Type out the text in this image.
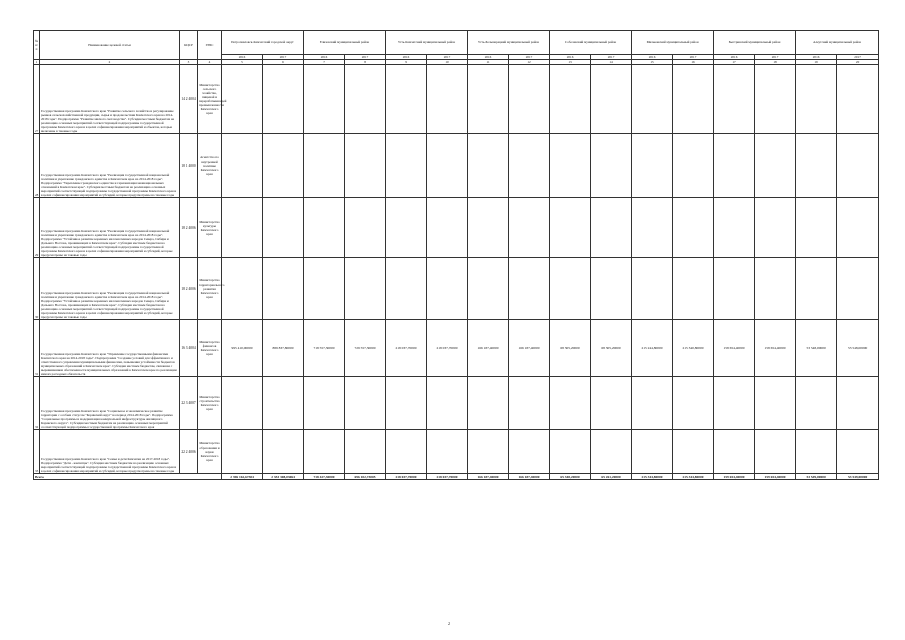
№ п/п	Наименование целевой статьи	КЦСР	ГРБС	Петропавловск-Камчатский городской округ		Елизовский муниципальный район		Усть-Камчатский муниципальный район		Усть-Большерецкий муниципальный район		Соболевский муниципальный район		Мильковский муниципальный район		Быстринский муниципальный район		Алеутский муниципальный район	
				2016	2017	2016	2017	2016	2017	2016	2017	2016	2017	2016	2017	2016	2017	2016	2017
1	2	3	4	5	6	7	8	9	10	11	12	13	14	15	16	17	18	19	20
27	Государственная программа Камчатского края "Развитие сельского хозяйства и регулирование рынков сельскохозяйственной продукции, сырья и продовольствия Камчатского края на 2014-2018 годы". Подпрограмма "Развитие мясного скотоводства". Субсидия местным бюджетам на реализацию основных мероприятий соответствующей подпрограммы государственной программы Камчатского края и в целях софинансирования мероприятий и объектов, которые включены в таковые годы	14 2 4004	Министерство сельского хозяйства, пищевой и перерабатывающей промышленности Камчатского края																
28	Государственная программа Камчатского края "Реализация государственной национальной политики и укрепление гражданского единства в Камчатском крае на 2014-2018 годы". Подпрограмма "Укрепление гражданского единства и гармонизация межнациональных отношений в Камчатском крае". Субсидия местным бюджетам на реализацию основных мероприятий соответствующей подпрограммы государственной программы Камчатского края и в целях софинансирования мероприятий и субсидий, которые предусмотрены на таковые годы	18 1 4000	Агентство по внутренней политике Камчатского края																
29	Государственная программа Камчатского края "Реализация государственной национальной политики и укрепление гражданского единства в Камчатском крае на 2014-2018 годы". Подпрограмма "Устойчивое развитие коренных малочисленных народов Севера, Сибири и Дальнего Востока, проживающих в Камчатском крае". Субсидия местным бюджетам на реализацию основных мероприятий соответствующей подпрограммы государственной программы Камчатского края и в целях софинансирования мероприятий и субсидий, которые предусмотрены на таковые годы	18 2 4006	Министерство культуры Камчатского края																
30	Государственная программа Камчатского края "Реализация государственной национальной политики и укрепление гражданского единства в Камчатском крае на 2014-2018 годы". Подпрограмма "Устойчивое развитие коренных малочисленных народов Севера, Сибири и Дальнего Востока, проживающих в Камчатском крае". Субсидия местным бюджетам на реализацию основных мероприятий соответствующей подпрограммы государственной программы Камчатского края и в целях софинансирования мероприятий и субсидий, которые предусмотрены на таковые годы	18 2 4006	Министерство территориального развития Камчатского края																
31	Государственная программа Камчатского края "Управление государственными финансами Камчатского края на 2014-2018 годы". Подпрограмма "Создание условий для эффективного и ответственного управления муниципальными финансами, повышения устойчивости бюджетов муниципальных образований в Камчатском крае". Субсидия местным бюджетам, связанная с выравниванием обеспеченности муниципальных образований в Камчатском крае по реализации ими их расходных обязательств	16 3 4004	Министерство финансов Камчатского края	995 410,00000	889 837,80000	718 557,30000	729 557,30000	218 037,70000	218 037,70000	166 187,40000	166 187,40000	68 305,20000	68 305,20000	215 244,80000	215 340,80000	158 654,40000	158 654,40000	53 548,00000	53 548,00000
32	Государственная программа Камчатского края "Социальное и экономическое развитие территории с особым статусом "Корякский округ" на период 2014-2018 годы". Подпрограмма "Социальные программы и модернизация коммунальной инфраструктуры жилищного Корякского округа". Субсидия местным бюджетам на реализацию основных мероприятий соответствующей подпрограммы государственной программы Камчатского края	22 3 4007	Министерство строительства Камчатского края																
33	Государственная программа Камчатского края "Семья и дети Камчатки на 2017-2018 годы". Подпрограмма "Дети - камчатцы". Субсидия местным бюджетам на реализацию основных мероприятий соответствующей подпрограммы государственной программы Камчатского края и в целях софинансирования мероприятий и субсидий, которые предусмотрены на таковые годы	22 2 4006	Министерство образования и науки Камчатского края																
Всего				2 396 162,67304	2 353 308,03064	718 427,30000	696 102,73005	218 037,70000	218 037,70000	166 187,40000	166 187,40000	65 348,20000	65 261,20000	215 344,80000	215 344,80000	159 654,40000	159 654,40000	53 549,00000	53 549,00000
2
